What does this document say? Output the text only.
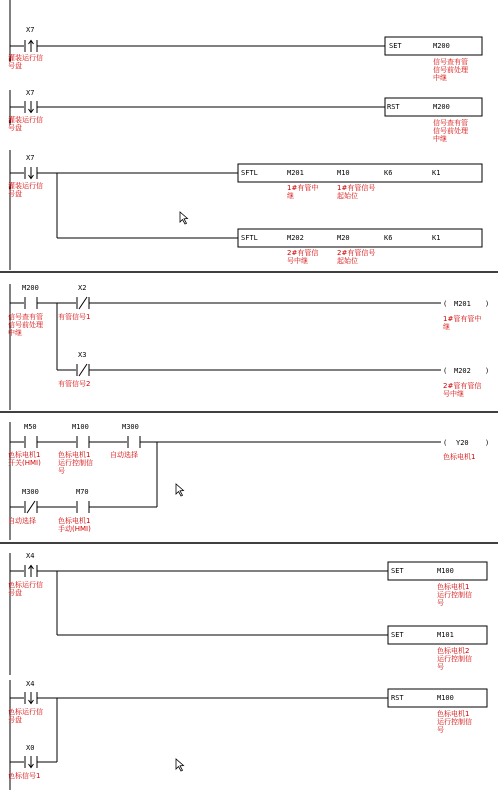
X7
灌装运行信
号盘
SET	M200
信号查有管
信号前处理
中继
X7
灌装运行信
号盘
RST	M200
信号查有管
信号前处理
中继
X7
灌装运行信
号盘
SFTL	M201	M10	K6	K1
1#有管中
继
1#有管信号
起始位
SFTL	M202	M20	K6	K1
2#有管信
号中继
2#有管信号
起始位
M200
信号查有管
信号前处理
中继
X2
有管信号1
X3
有管信号2
( M201 )
1#管有管中
继
( M202 )
2#管有管信
号中继
M50
色标电机1
开关(HMI)
M100
色标电机1
运行控制信
号
M300
自动选择
M300
自动选择
M70
色标电机1
手动(HMI)
( Y20 )
色标电机1
X4
色标运行信
号盘
SET	M100
色标电机1
运行控制信
号
SET	M101
色标电机2
运行控制信
号
X4
色标运行信
号盘
X0
色标信号1
RST	M100
色标电机1
运行控制信
号
